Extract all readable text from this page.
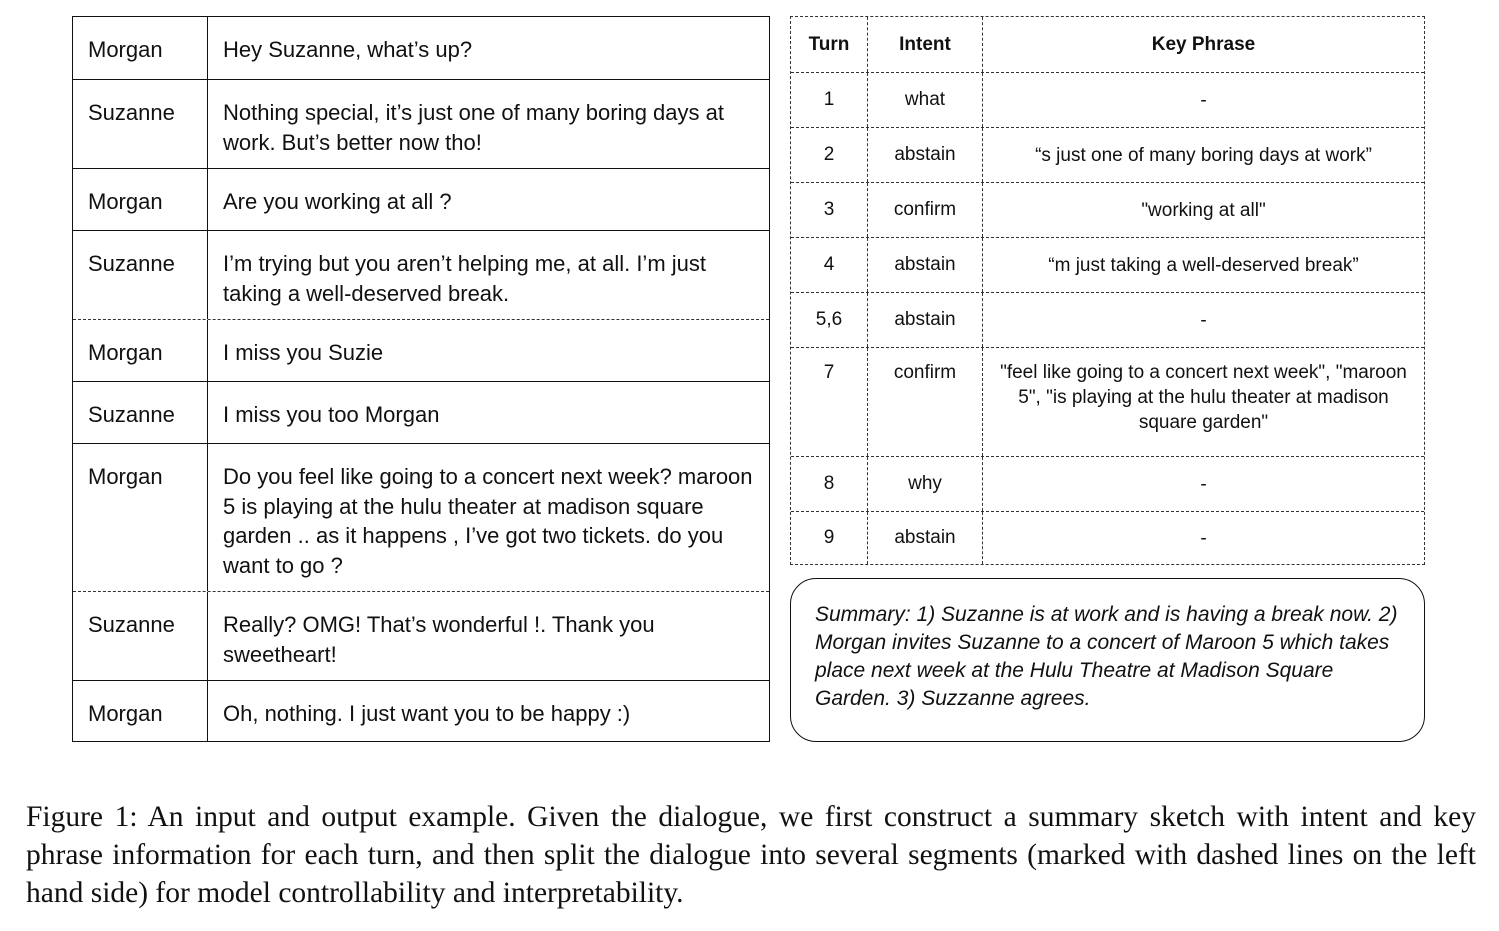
Morgan	Hey Suzanne, what’s up?
Suzanne	Nothing special, it’s just one of many boring days at work. But’s better now tho!
Morgan	Are you working at all ?
Suzanne	I’m trying but you aren’t helping me, at all. I’m just taking a well-deserved break.
Morgan	I miss you Suzie
Suzanne	I miss you too Morgan
Morgan	Do you feel like going to a concert next week? maroon 5 is playing at the hulu theater at madison square garden .. as it happens , I’ve got two tickets. do you want to go ?
Suzanne	Really? OMG! That’s wonderful !. Thank you sweetheart!
Morgan	Oh, nothing. I just want you to be happy :)
Turn	Intent	Key Phrase
1	what	-
2	abstain	“s just one of many boring days at work”
3	confirm	"working at all"
4	abstain	“m just taking a well-deserved break”
5,6	abstain	-
7	confirm	"feel like going to a concert next week", "maroon 5", "is playing at the hulu theater at madison square garden"
8	why	-
9	abstain	-
Summary: 1) Suzanne is at work and is having a break now. 2) Morgan invites Suzanne to a concert of Maroon 5 which takes place next week at the Hulu Theatre at Madison Square Garden. 3) Suzzanne agrees.
Figure 1: An input and output example. Given the dialogue, we first construct a summary sketch with intent and key phrase information for each turn, and then split the dialogue into several segments (marked with dashed lines on the left hand side) for model controllability and interpretability.
